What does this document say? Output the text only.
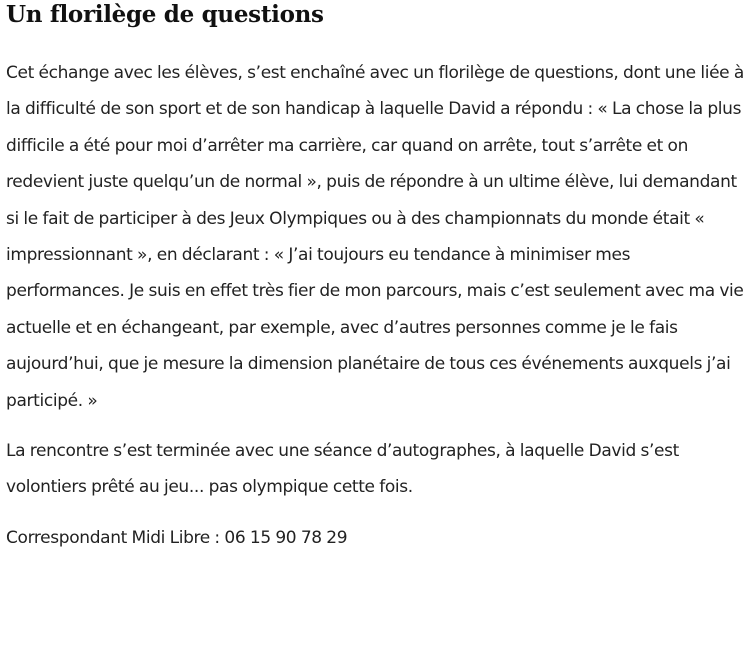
Un florilège de questions

Cet échange avec les élèves, s’est enchaîné avec un florilège de questions, dont une liée à la difficulté de son sport et de son handicap à laquelle David a répondu : « La chose la plus difficile a été pour moi d’arrêter ma carrière, car quand on arrête, tout s’arrête et on redevient juste quelqu’un de normal », puis de répondre à un ultime élève, lui demandant si le fait de participer à des Jeux Olympiques ou à des championnats du monde était « impressionnant », en déclarant : « J’ai toujours eu tendance à minimiser mes performances. Je suis en effet très fier de mon parcours, mais c’est seulement avec ma vie actuelle et en échangeant, par exemple, avec d’autres personnes comme je le fais aujourd’hui, que je mesure la dimension planétaire de tous ces événements auxquels j’ai participé. »

La rencontre s’est terminée avec une séance d’autographes, à laquelle David s’est volontiers prêté au jeu... pas olympique cette fois.

Correspondant Midi Libre : 06 15 90 78 29
